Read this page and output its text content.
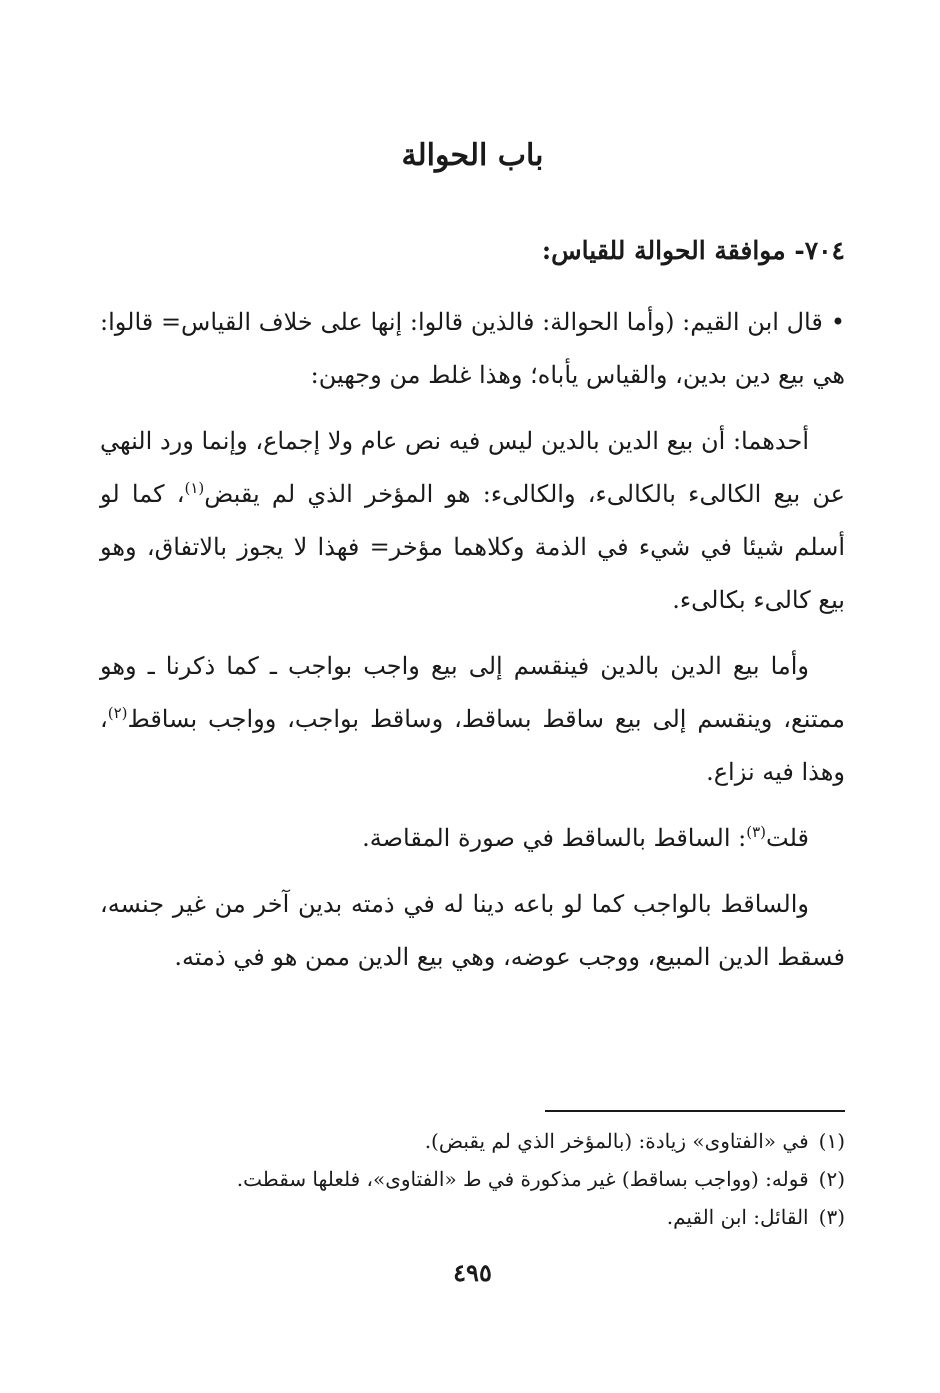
باب الحوالة
٧٠٤- موافقة الحوالة للقياس:

•قال ابن القيم: (وأما الحوالة: فالذين قالوا: إنها على خلاف القياس= قالوا: هي بيع دين بدين، والقياس يأباه؛ وهذا غلط من وجهين:

أحدهما: أن بيع الدين بالدين ليس فيه نص عام ولا إجماع، وإنما ورد النهي عن بيع الكالىء بالكالىء، والكالىء: هو المؤخر الذي لم يقبض$^{(١)}$، كما لو أسلم شيئا في شيء في الذمة وكلاهما مؤخر= فهذا لا يجوز بالاتفاق، وهو بيع كالىء بكالىء.

وأما بيع الدين بالدين فينقسم إلى بيع واجب بواجب ـ كما ذكرنا ـ وهو ممتنع، وينقسم إلى بيع ساقط بساقط، وساقط بواجب، وواجب بساقط$^{(٢)}$، وهذا فيه نزاع.

قلت$^{(٣)}$: الساقط بالساقط في صورة المقاصة.

والساقط بالواجب كما لو باعه دينا له في ذمته بدين آخر من غير جنسه، فسقط الدين المبيع، ووجب عوضه، وهي بيع الدين ممن هو في ذمته.

(١)في «الفتاوى» زيادة: (بالمؤخر الذي لم يقبض).
(٢)قوله: (وواجب بساقط) غير مذكورة في ط «الفتاوى»، فلعلها سقطت.
(٣)القائل: ابن القيم.
٤٩٥
